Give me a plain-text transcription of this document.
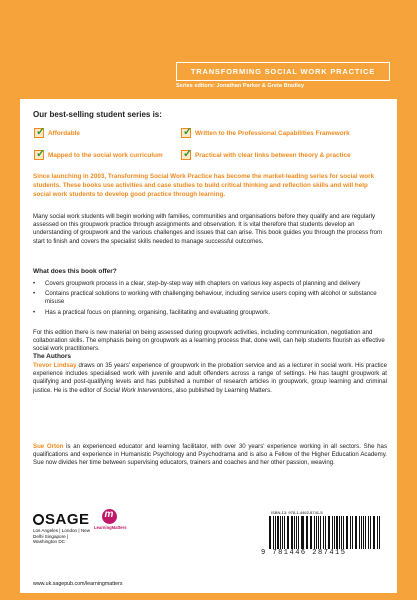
TRANSFORMING SOCIAL WORK PRACTICE
Series editors: Jonathan Parker & Greta Bradley
Our best-selling student series is:
✓
Affordable ✓	Written to the Professional Capabilities Framework
✓
Mapped to the social work curriculum ✓	Practical with clear links between theory & practice
Since launching in 2003, Transforming Social Work Practice has become the market-leading series for social work students. These books use activities and case studies to build critical thinking and reflection skills and will help social work students to develop good practice through learning.
Many social work students will begin working with families, communities and organisations before they qualify and are regularly assessed on this groupwork practice through assignments and observation. It is vital therefore that students develop an understanding of groupwork and the various challenges and issues that can arise. This book guides you through the process from start to finish and covers the specialist skills needed to manage successful outcomes.
What does this book offer?
•	Covers groupwork process in a clear, step-by-step way with chapters on various key aspects of planning and delivery
•	Contains practical solutions to working with challenging behaviour, including service users coping with alcohol or substance misuse
•	Has a practical focus on planning, organising, facilitating and evaluating groupwork.
For this edition there is new material on being assessed during groupwork activities, including communication, negotiation and collaboration skills. The emphasis being on groupwork as a learning process that, done well, can help students flourish as effective social work practitioners.
The Authors
Trevor Lindsay draws on 35 years' experience of groupwork in the probation service and as a lecturer in social work. His practice experience includes specialised work with juvenile and adult offenders across a range of settings. He has taught groupwork at qualifying and post-qualifying levels and has published a number of research articles in groupwork, group learning and criminal justice. He is the editor of Social Work Interventions, also published by Learning Matters.
Sue Orton is an experienced educator and learning facilitator, with over 30 years' experience working in all sectors. She has qualifications and experience in Humanistic Psychology and Psychodrama and is also a Fellow of the Higher Education Academy. Sue now divides her time between supervising educators, trainers and coaches and her other passion, weaving.
SAGE
Los Angeles | London | New Delhi Singapore | Washington DC
m
LearningMatters
www.uk.sagepub.com/learningmatters
ISBN-13: 978-1-4462-8741-5
9 781446 287415
Cover design by Wendy Scott
